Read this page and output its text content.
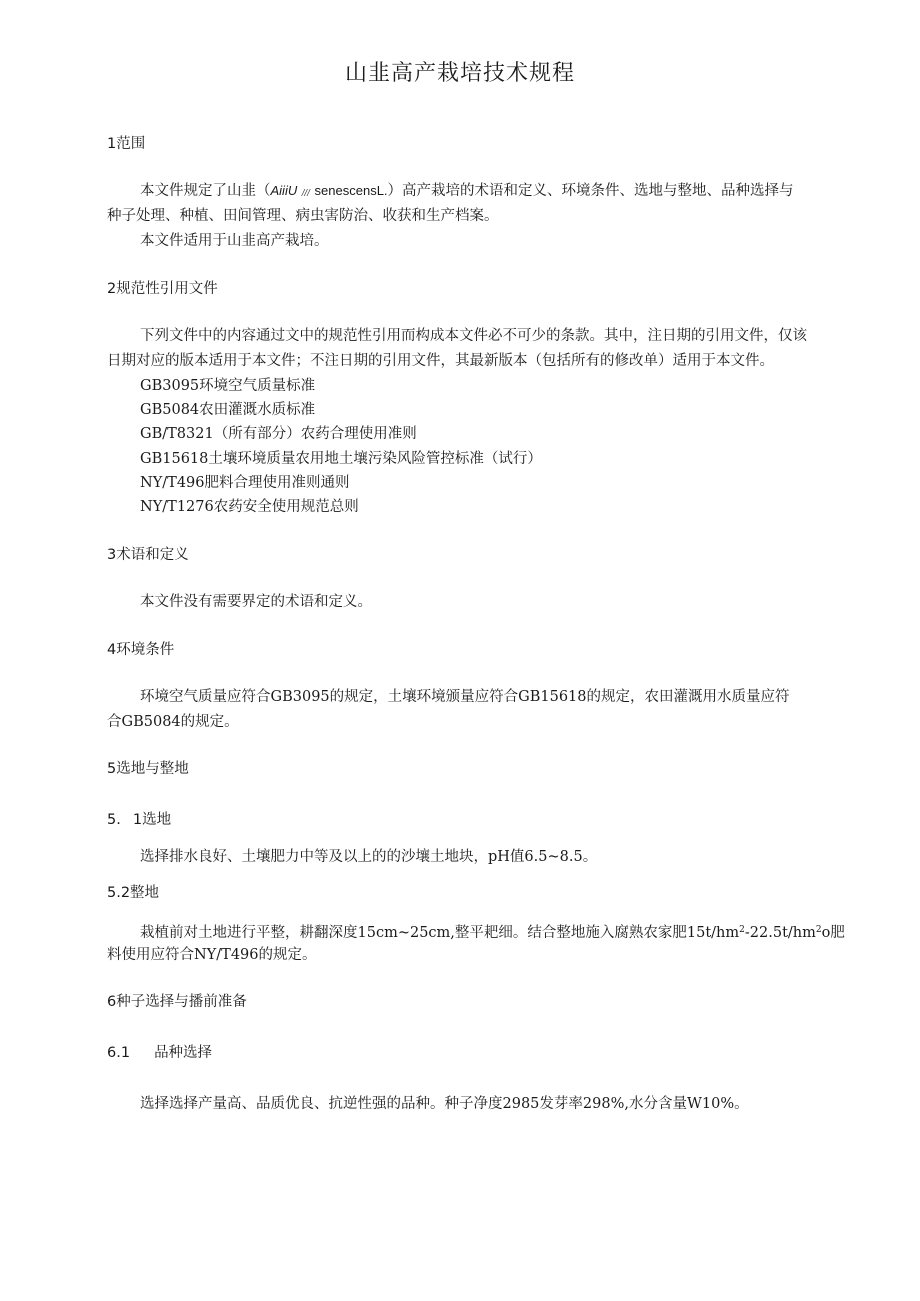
山韭高产栽培技术规程
1范围
本文件规定了山韭（AiiiU /// senescensL.）高产栽培的术语和定义、环境条件、选地与整地、品种选择与
种子处理、种植、田间管理、病虫害防治、收获和生产档案。
本文件适用于山韭高产栽培。
2规范性引用文件
下列文件中的内容通过文中的规范性引用而构成本文件必不可少的条款。其中，注日期的引用文件，仅该
日期对应的版本适用于本文件；不注日期的引用文件，其最新版本（包括所有的修改单）适用于本文件。
GB3095环境空气质量标准
GB5084农田灌溉水质标准
GB/T8321（所有部分）农药合理使用准则
GB15618土壤环境质量农用地土壤污染风险管控标准（试行）
NY/T496肥料合理使用准则通则
NY/T1276农药安全使用规范总则
3术语和定义
本文件没有需要界定的术语和定义。
4环境条件
环境空气质量应符合GB3095的规定，土壤环境颁量应符合GB15618的规定，农田灌溉用水质量应符
合GB5084的规定。
5选地与整地
5. 1选地
选择排水良好、土壤肥力中等及以上的的沙壤土地块，pH值6.5~8.5。
5.2整地
栽植前对土地进行平整，耕翻深度15cm~25cm,整平耙细。结合整地施入腐熟农家肥$15t/hm^2-22.5t/hm^2o$肥
料使用应符合NY/T496的规定。
6种子选择与播前准备
6.1 品种选择
选择选择产量高、品质优良、抗逆性强的品种。种子净度2985发芽率298%,水分含量W10%。
